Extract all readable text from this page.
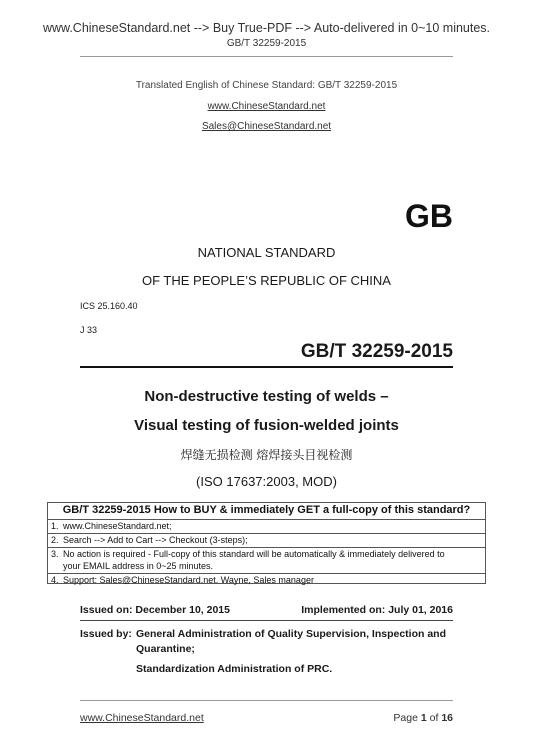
www.ChineseStandard.net --> Buy True-PDF --> Auto-delivered in 0~10 minutes.
GB/T 32259-2015
Translated English of Chinese Standard: GB/T 32259-2015
www.ChineseStandard.net
Sales@ChineseStandard.net
GB
NATIONAL STANDARD
OF THE PEOPLE’S REPUBLIC OF CHINA
ICS 25.160.40
J 33
GB/T 32259-2015
Non-destructive testing of welds –
Visual testing of fusion-welded joints
焊缝无损检测 熔焊接头目视检测
(ISO 17637:2003, MOD)
GB/T 32259-2015 How to BUY & immediately GET a full-copy of this standard?
1. www.ChineseStandard.net;
2. Search --> Add to Cart --> Checkout (3-steps);
3. No action is required - Full-copy of this standard will be automatically & immediately delivered to
your EMAIL address in 0~25 minutes.
4. Support: Sales@ChineseStandard.net. Wayne, Sales manager
Issued on: December 10, 2015	Implemented on: July 01, 2016
Issued by: General Administration of Quality Supervision, Inspection and
Quarantine;
Standardization Administration of PRC.
www.ChineseStandard.net	Page 1 of 16
